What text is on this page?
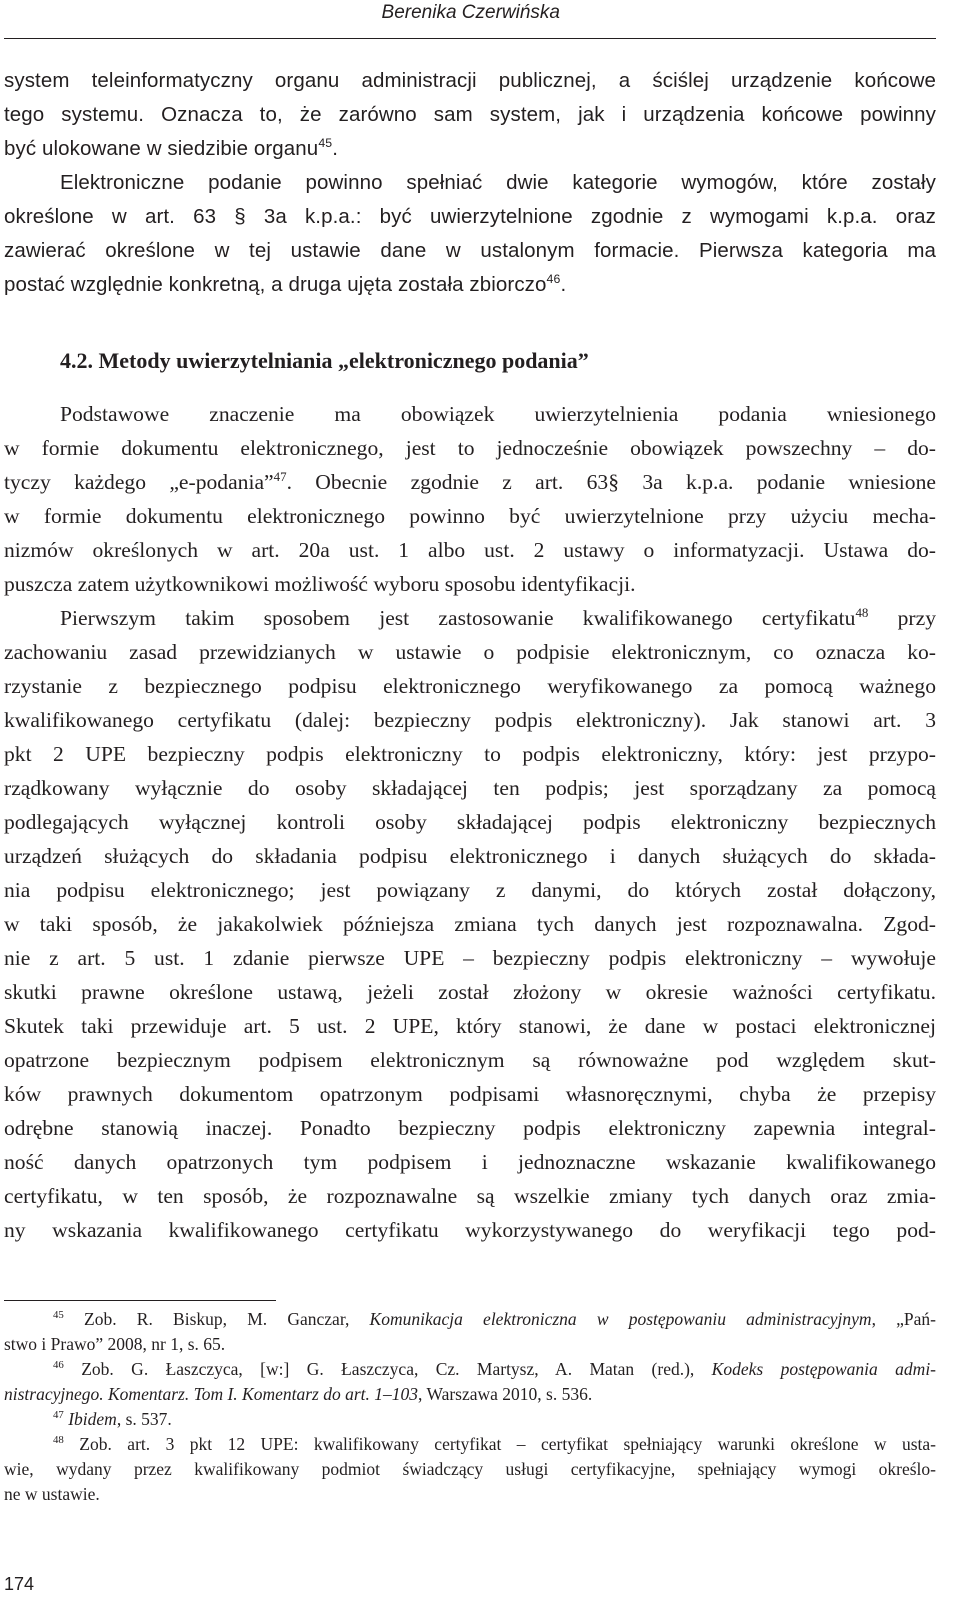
Berenika Czerwińska
system teleinformatyczny organu administracji publicznej, a ściślej urządzenie końcowe
tego systemu. Oznacza to, że zarówno sam system, jak i urządzenia końcowe powinny
być ulokowane w siedzibie organu$^{45}$.
Elektroniczne podanie powinno spełniać dwie kategorie wymogów, które zostały
określone w art. 63 § 3a k.p.a.: być uwierzytelnione zgodnie z wymogami k.p.a. oraz
zawierać określone w tej ustawie dane w ustalonym formacie. Pierwsza kategoria ma
postać względnie konkretną, a druga ujęta została zbiorczo$^{46}$.
4.2. Metody uwierzytelniania „elektronicznego podania”
Podstawowe znaczenie ma obowiązek uwierzytelnienia podania wniesionego
w formie dokumentu elektronicznego, jest to jednocześnie obowiązek powszechny – do-
tyczy każdego „e-podania”$^{47}$. Obecnie zgodnie z art. 63§ 3a k.p.a. podanie wniesione
w formie dokumentu elektronicznego powinno być uwierzytelnione przy użyciu mecha-
nizmów określonych w art. 20a ust. 1 albo ust. 2 ustawy o informatyzacji. Ustawa do-
puszcza zatem użytkownikowi możliwość wyboru sposobu identyfikacji.
Pierwszym takim sposobem jest zastosowanie kwalifikowanego certyfikatu$^{48}$ przy
zachowaniu zasad przewidzianych w ustawie o podpisie elektronicznym, co oznacza ko-
rzystanie z bezpiecznego podpisu elektronicznego weryfikowanego za pomocą ważnego
kwalifikowanego certyfikatu (dalej: bezpieczny podpis elektroniczny). Jak stanowi art. 3
pkt 2 UPE bezpieczny podpis elektroniczny to podpis elektroniczny, który: jest przypo-
rządkowany wyłącznie do osoby składającej ten podpis; jest sporządzany za pomocą
podlegających wyłącznej kontroli osoby składającej podpis elektroniczny bezpiecznych
urządzeń służących do składania podpisu elektronicznego i danych służących do składa-
nia podpisu elektronicznego; jest powiązany z danymi, do których został dołączony,
w taki sposób, że jakakolwiek późniejsza zmiana tych danych jest rozpoznawalna. Zgod-
nie z art. 5 ust. 1 zdanie pierwsze UPE – bezpieczny podpis elektroniczny – wywołuje
skutki prawne określone ustawą, jeżeli został złożony w okresie ważności certyfikatu.
Skutek taki przewiduje art. 5 ust. 2 UPE, który stanowi, że dane w postaci elektronicznej
opatrzone bezpiecznym podpisem elektronicznym są równoważne pod względem skut-
ków prawnych dokumentom opatrzonym podpisami własnoręcznymi, chyba że przepisy
odrębne stanowią inaczej. Ponadto bezpieczny podpis elektroniczny zapewnia integral-
ność danych opatrzonych tym podpisem i jednoznaczne wskazanie kwalifikowanego
certyfikatu, w ten sposób, że rozpoznawalne są wszelkie zmiany tych danych oraz zmia-
ny wskazania kwalifikowanego certyfikatu wykorzystywanego do weryfikacji tego pod-
$^{45}$ Zob. R. Biskup, M. Ganczar, Komunikacja elektroniczna w postępowaniu administracyjnym, „Pań-
stwo i Prawo” 2008, nr 1, s. 65.
$^{46}$ Zob. G. Łaszczyca, [w:] G. Łaszczyca, Cz. Martysz, A. Matan (red.), Kodeks postępowania admi-
nistracyjnego. Komentarz. Tom I. Komentarz do art. 1–103, Warszawa 2010, s. 536.
$^{47}$ Ibidem, s. 537.
$^{48}$ Zob. art. 3 pkt 12 UPE: kwalifikowany certyfikat – certyfikat spełniający warunki określone w usta-
wie, wydany przez kwalifikowany podmiot świadczący usługi certyfikacyjne, spełniający wymogi określo-
ne w ustawie.
174
